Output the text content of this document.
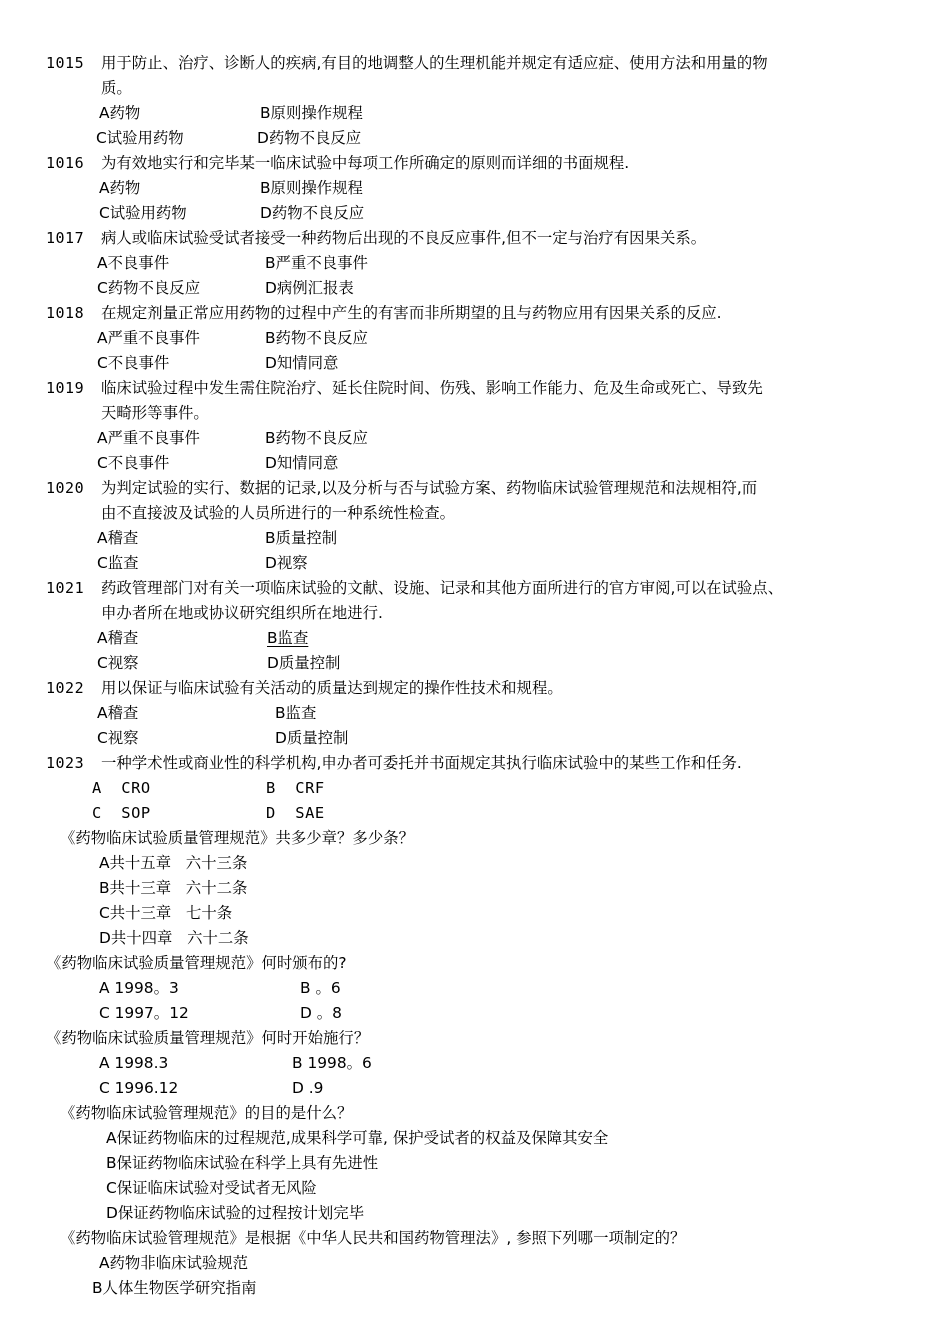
1015 用于防止、治疗、诊断人的疾病,有目的地调整人的生理机能并规定有适应症、使用方法和用量的物
质。
A药物	B原则操作规程
C试验用药物	D药物不良反应
1016 为有效地实行和完毕某一临床试验中每项工作所确定的原则而详细的书面规程.
A药物	B原则操作规程
C试验用药物	D药物不良反应
1017 病人或临床试验受试者接受一种药物后出现的不良反应事件,但不一定与治疗有因果关系。
A不良事件	B严重不良事件
C药物不良反应	D病例汇报表
1018 在规定剂量正常应用药物的过程中产生的有害而非所期望的且与药物应用有因果关系的反应.
A严重不良事件	B药物不良反应
C不良事件	D知情同意
1019 临床试验过程中发生需住院治疗、延长住院时间、伤残、影响工作能力、危及生命或死亡、导致先
天畸形等事件。
A严重不良事件	B药物不良反应
C不良事件	D知情同意
1020 为判定试验的实行、数据的记录,以及分析与否与试验方案、药物临床试验管理规范和法规相符,而
由不直接波及试验的人员所进行的一种系统性检查。
A稽查	B质量控制
C监查	D视察
1021 药政管理部门对有关一项临床试验的文献、设施、记录和其他方面所进行的官方审阅,可以在试验点、
申办者所在地或协议研究组织所在地进行.
A稽查	B监查
C视察	D质量控制
1022 用以保证与临床试验有关活动的质量达到规定的操作性技术和规程。
A稽查	B监查
C视察	D质量控制
1023 一种学术性或商业性的科学机构,申办者可委托并书面规定其执行临床试验中的某些工作和任务.
A  CRO	B  CRF
C  SOP	D  SAE
《药物临床试验质量管理规范》共多少章？多少条？
A共十五章   六十三条
B共十三章   六十二条
C共十三章   七十条
D共十四章   六十二条
《药物临床试验质量管理规范》何时颁布的?
A 1998。3	B 。6
C 1997。12	D 。8
《药物临床试验质量管理规范》何时开始施行？
A 1998.3	B 1998。6
C 1996.12	D .9
《药物临床试验管理规范》的目的是什么？
A保证药物临床的过程规范,成果科学可靠, 保护受试者的权益及保障其安全
B保证药物临床试验在科学上具有先进性
C保证临床试验对受试者无风险
D保证药物临床试验的过程按计划完毕
《药物临床试验管理规范》是根据《中华人民共和国药物管理法》, 参照下列哪一项制定的？
A药物非临床试验规范
B人体生物医学研究指南
